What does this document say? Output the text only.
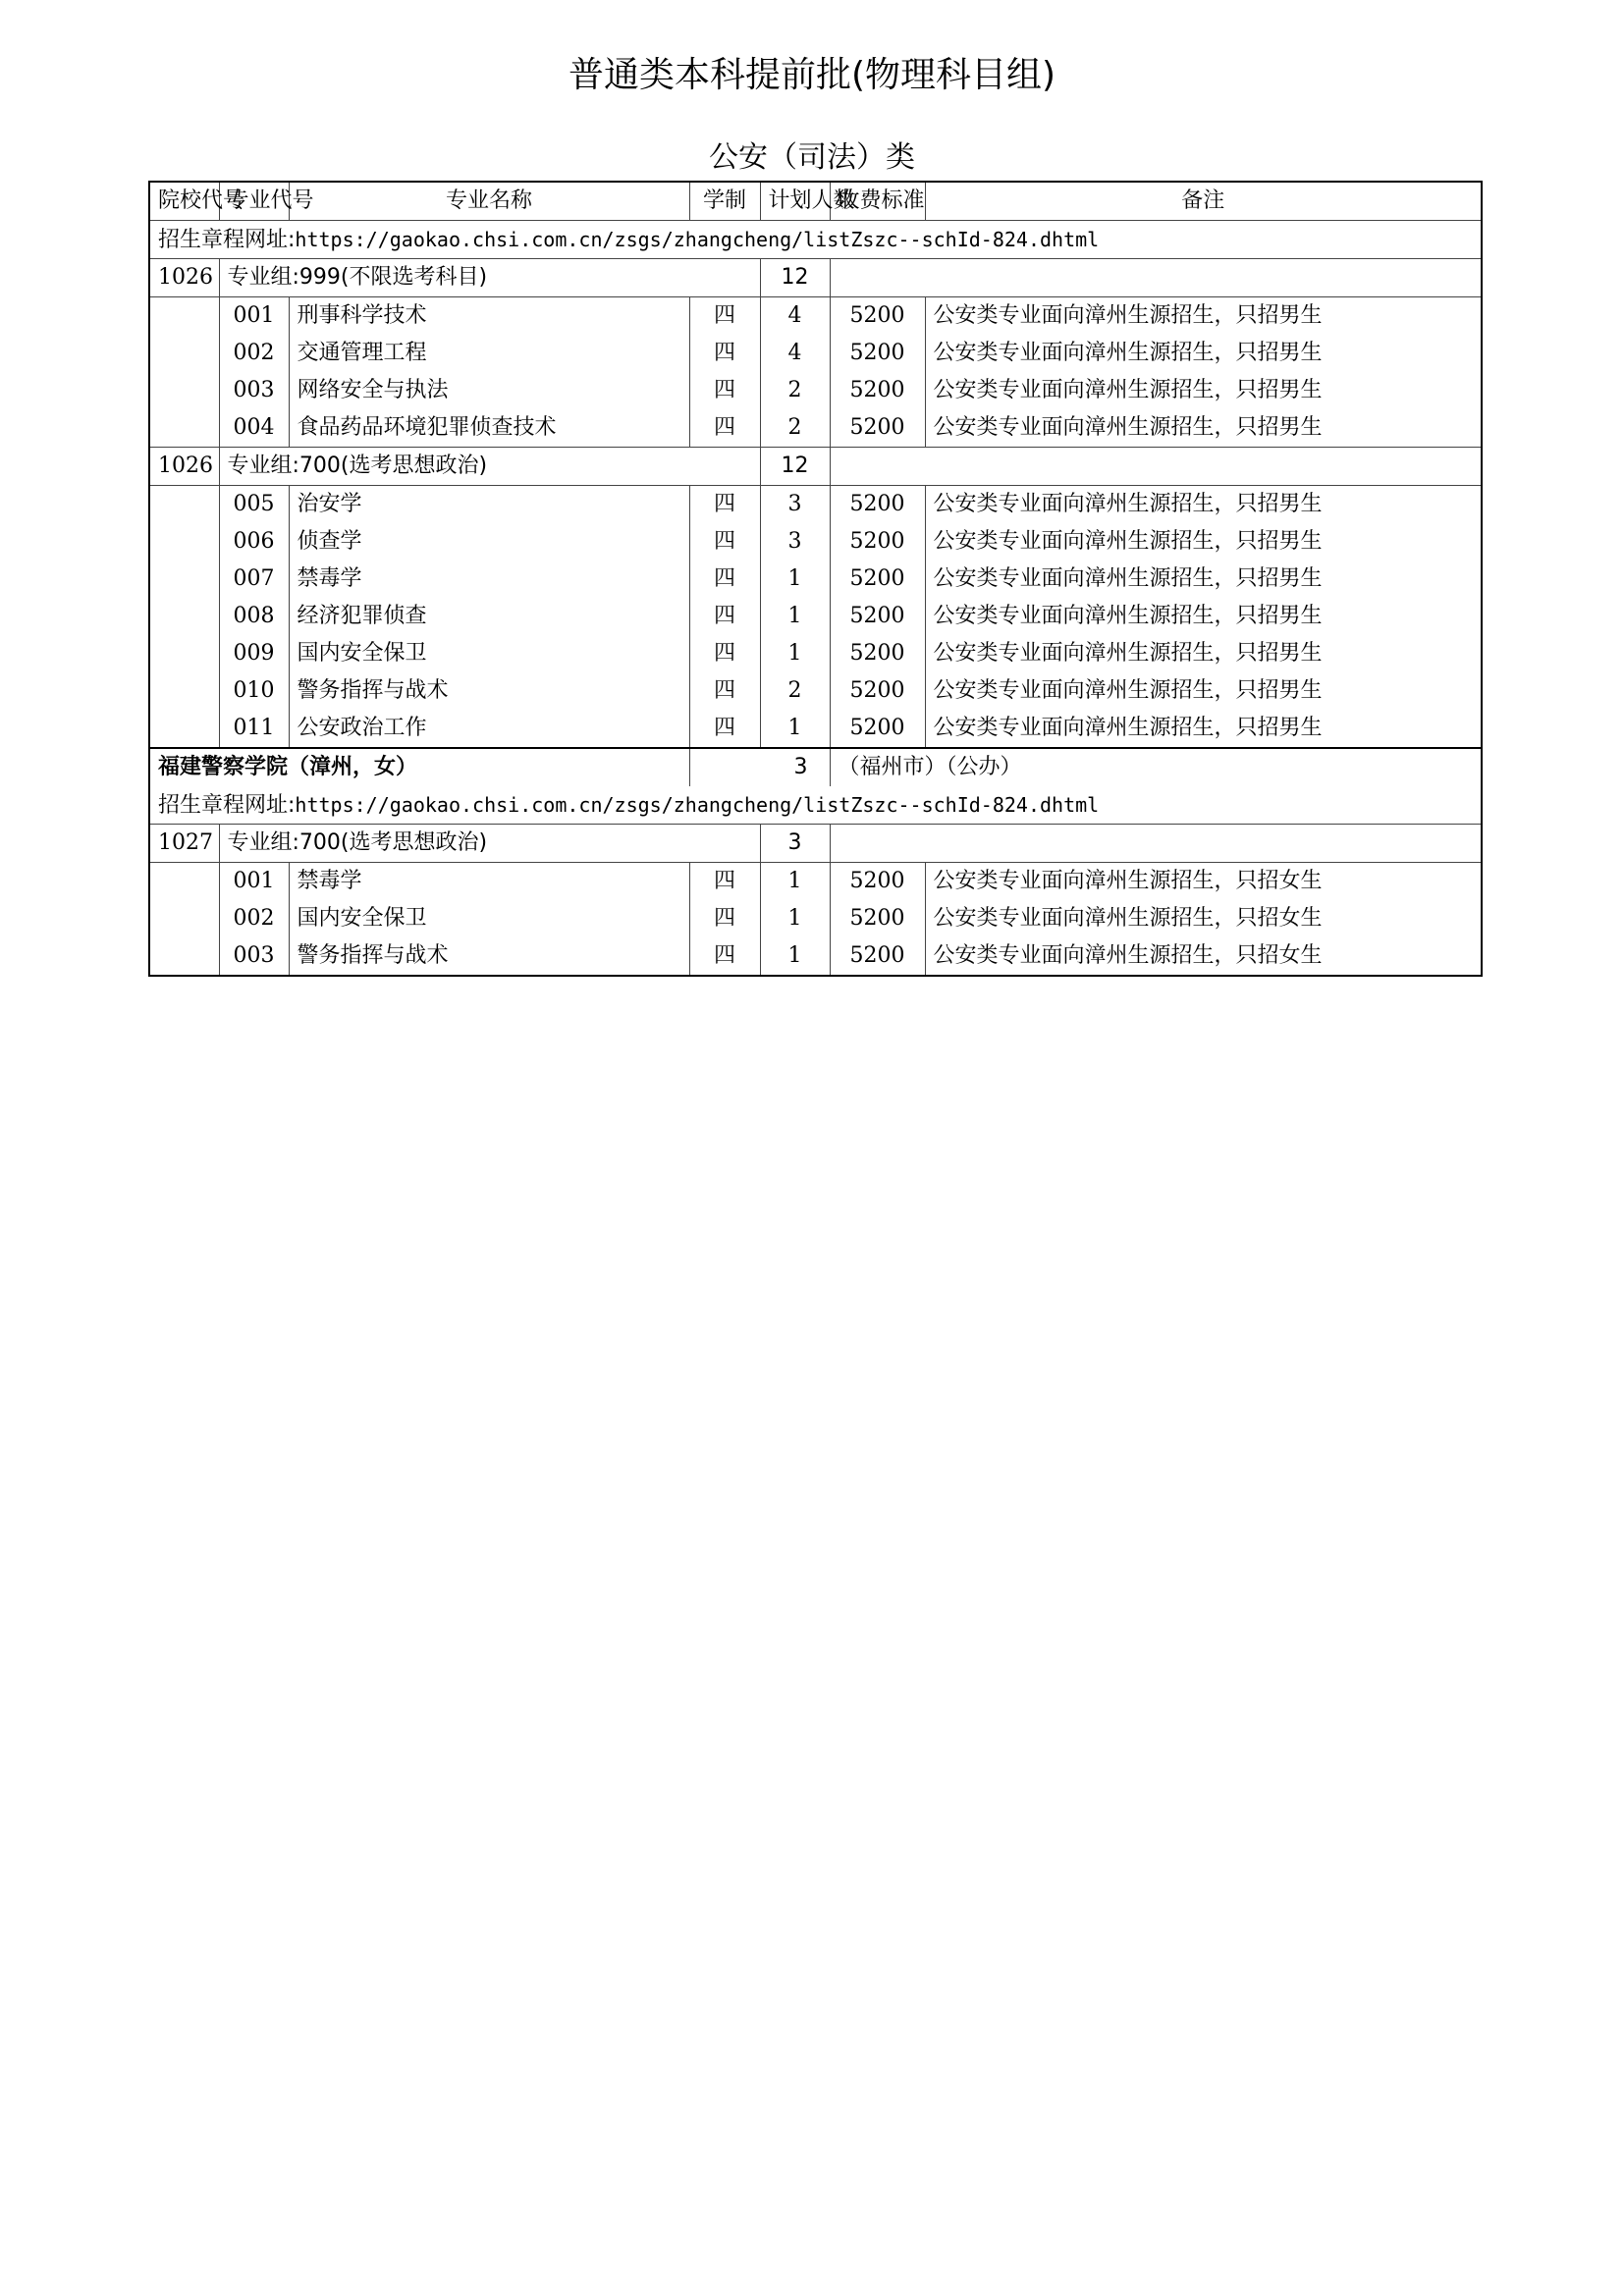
普通类本科提前批(物理科目组)
公安（司法）类
院校代号	专业代号	专业名称	学制	计划人数	收费标准	备注
招生章程网址:https://gaokao.chsi.com.cn/zsgs/zhangcheng/listZszc--schId-824.dhtml						
1026	专业组:999(不限选考科目)			12		
	001	刑事科学技术	四	4	5200	公安类专业面向漳州生源招生，只招男生
	002	交通管理工程	四	4	5200	公安类专业面向漳州生源招生，只招男生
	003	网络安全与执法	四	2	5200	公安类专业面向漳州生源招生，只招男生
	004	食品药品环境犯罪侦查技术	四	2	5200	公安类专业面向漳州生源招生，只招男生
1026	专业组:700(选考思想政治)			12		
	005	治安学	四	3	5200	公安类专业面向漳州生源招生，只招男生
	006	侦查学	四	3	5200	公安类专业面向漳州生源招生，只招男生
	007	禁毒学	四	1	5200	公安类专业面向漳州生源招生，只招男生
	008	经济犯罪侦查	四	1	5200	公安类专业面向漳州生源招生，只招男生
	009	国内安全保卫	四	1	5200	公安类专业面向漳州生源招生，只招男生
	010	警务指挥与战术	四	2	5200	公安类专业面向漳州生源招生，只招男生
	011	公安政治工作	四	1	5200	公安类专业面向漳州生源招生，只招男生
福建警察学院（漳州，女）			3		（福州市）（公办）	
招生章程网址:https://gaokao.chsi.com.cn/zsgs/zhangcheng/listZszc--schId-824.dhtml						
1027	专业组:700(选考思想政治)			3		
	001	禁毒学	四	1	5200	公安类专业面向漳州生源招生，只招女生
	002	国内安全保卫	四	1	5200	公安类专业面向漳州生源招生，只招女生
	003	警务指挥与战术	四	1	5200	公安类专业面向漳州生源招生，只招女生
